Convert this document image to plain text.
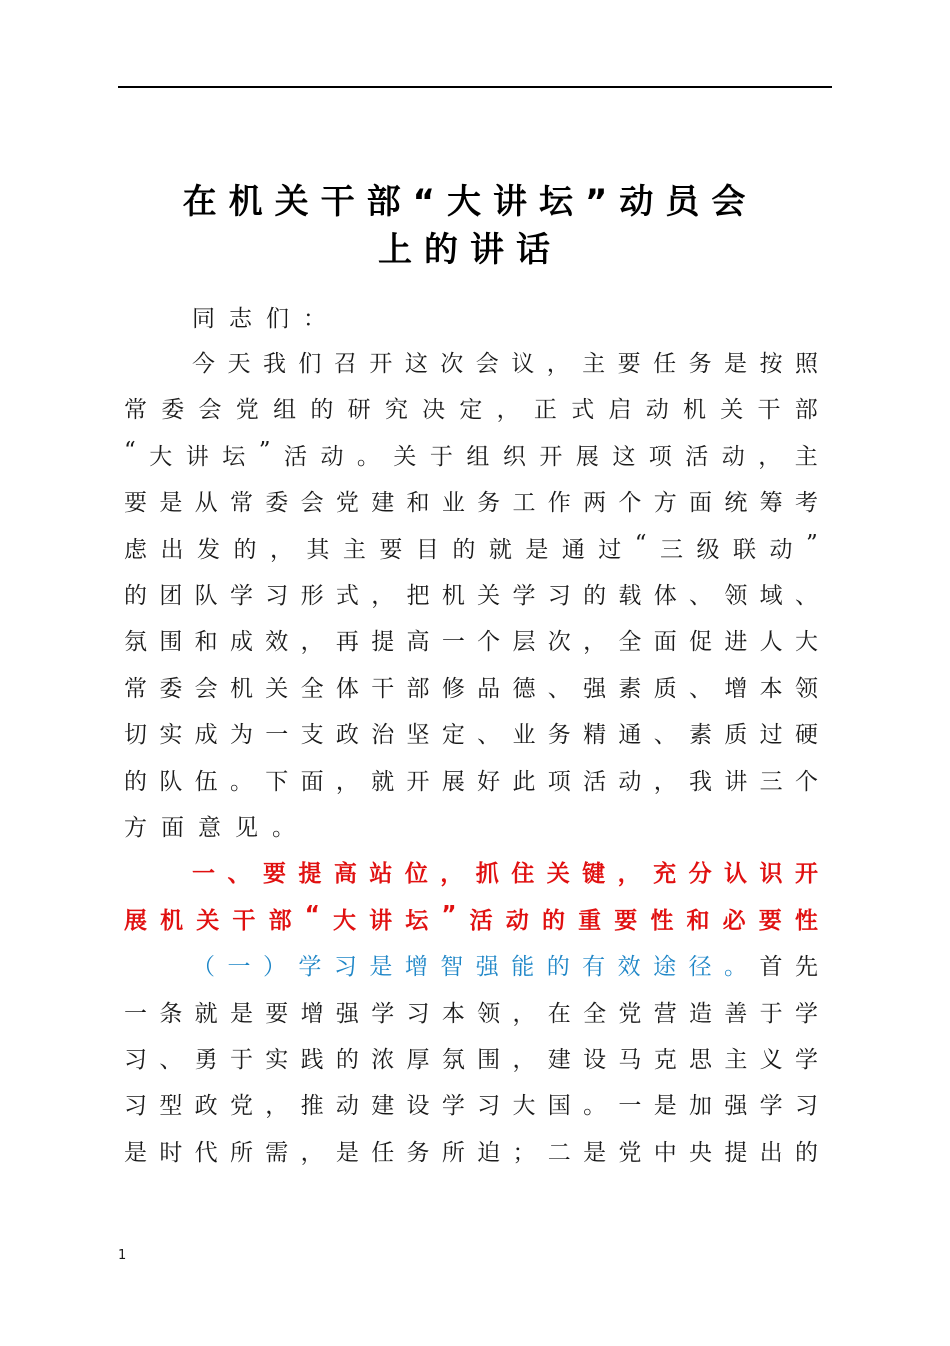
在机关干部“大讲坛”动员会
上的讲话
同志们：
今 天 我 们 召 开 这 次 会 议 ， 主 要 任 务 是 按 照
常 委 会 党 组 的 研 究 决 定 ， 正 式 启 动 机 关 干 部
“ 大 讲 坛 ” 活 动 。 关 于 组 织 开 展 这 项 活 动 ， 主
要 是 从 常 委 会 党 建 和 业 务 工 作 两 个 方 面 统 筹 考
虑 出 发 的 ， 其 主 要 目 的 就 是 通 过 “ 三 级 联 动 ”
的 团 队 学 习 形 式 ， 把 机 关 学 习 的 载 体 、 领 域 、
氛 围 和 成 效 ， 再 提 高 一 个 层 次 ， 全 面 促 进 人 大
常 委 会 机 关 全 体 干 部 修 品 德 、 强 素 质 、 增 本 领
切 实 成 为 一 支 政 治 坚 定 、 业 务 精 通 、 素 质 过 硬
的 队 伍 。 下 面 ， 就 开 展 好 此 项 活 动 ， 我 讲 三 个
方 面 意 见 。
一 、 要 提 高 站 位 ， 抓 住 关 键 ， 充 分 认 识 开
展 机 关 干 部 “ 大 讲 坛 ” 活 动 的 重 要 性 和 必 要 性
（ 一 ） 学 习 是 增 智 强 能 的 有 效 途 径 。 首 先
一 条 就 是 要 增 强 学 习 本 领 ， 在 全 党 营 造 善 于 学
习 、 勇 于 实 践 的 浓 厚 氛 围 ， 建 设 马 克 思 主 义 学
习 型 政 党 ， 推 动 建 设 学 习 大 国 。 一 是 加 强 学 习
是 时 代 所 需 ， 是 任 务 所 迫 ； 二 是 党 中 央 提 出 的
1
